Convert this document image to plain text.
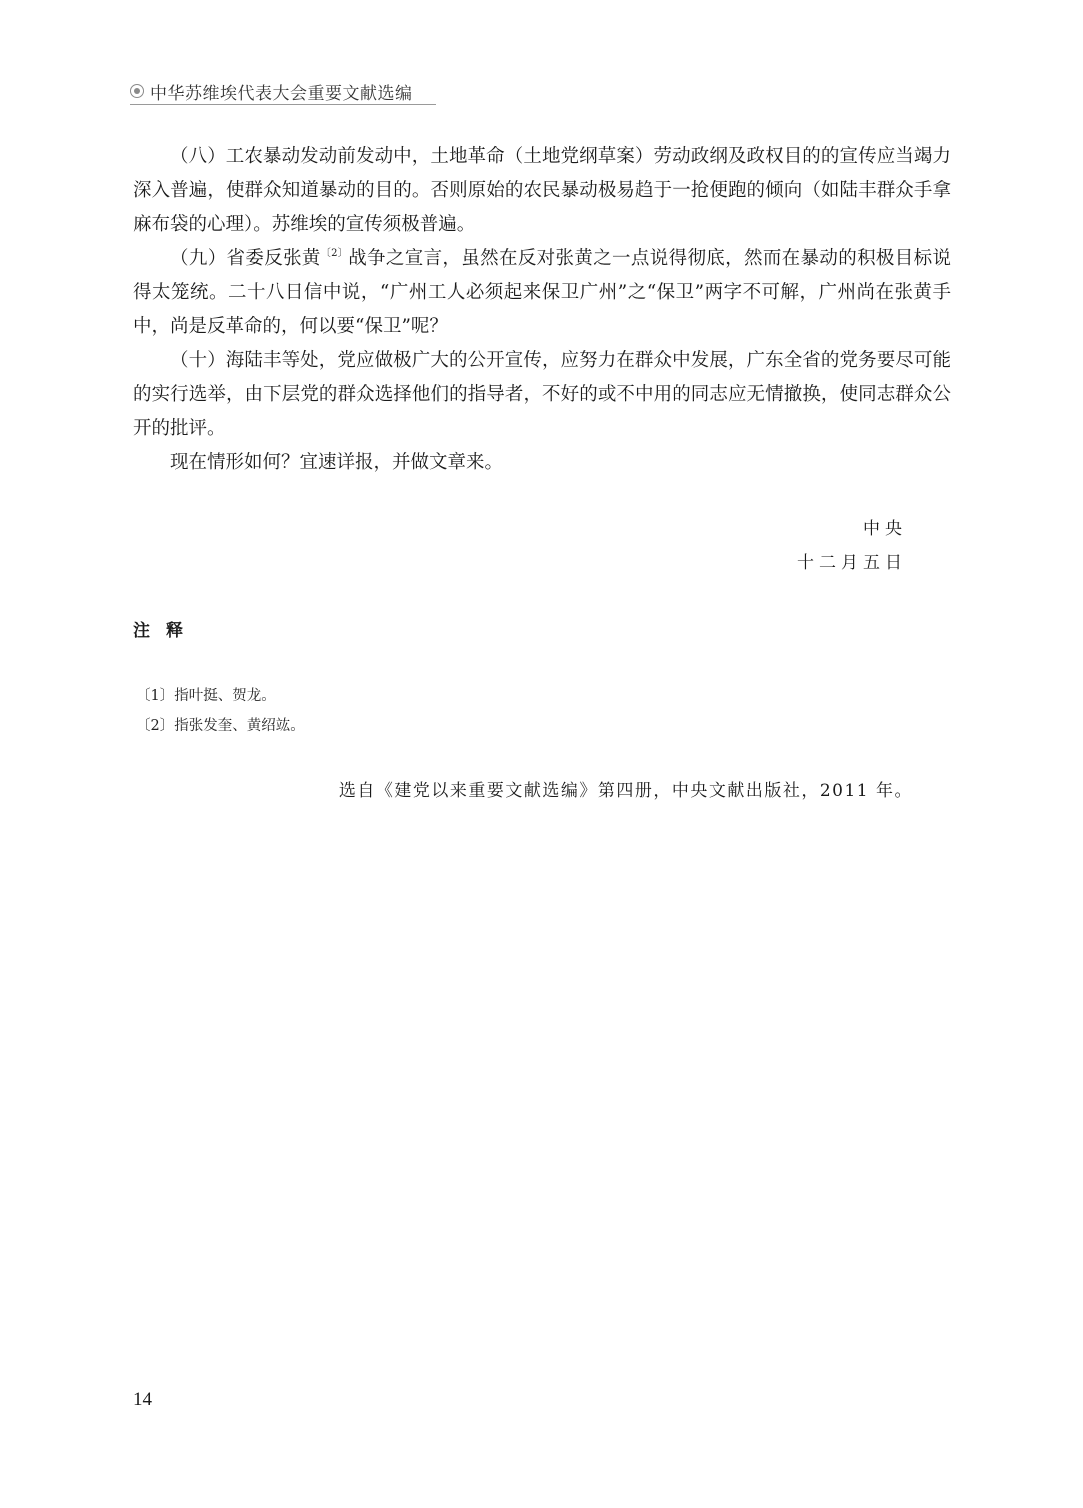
中华苏维埃代表大会重要文献选编

（八）工农暴动发动前发动中，土地革命（土地党纲草案）劳动政纲及政权目的的宣传应当竭力深入普遍，使群众知道暴动的目的。否则原始的农民暴动极易趋于一抢便跑的倾向（如陆丰群众手拿麻布袋的心理）。苏维埃的宣传须极普遍。

（九）省委反张黄$^{〔2〕}$战争之宣言，虽然在反对张黄之一点说得彻底，然而在暴动的积极目标说得太笼统。二十八日信中说，“广州工人必须起来保卫广州”之“保卫”两字不可解，广州尚在张黄手中，尚是反革命的，何以要“保卫”呢？

（十）海陆丰等处，党应做极广大的公开宣传，应努力在群众中发展，广东全省的党务要尽可能的实行选举，由下层党的群众选择他们的指导者，不好的或不中用的同志应无情撤换，使同志群众公开的批评。

现在情形如何？宜速详报，并做文章来。

中央
十二月五日
注释
〔1〕指叶挺、贺龙。
〔2〕指张发奎、黄绍竑。
选自《建党以来重要文献选编》第四册，中央文献出版社，2011 年。
14
